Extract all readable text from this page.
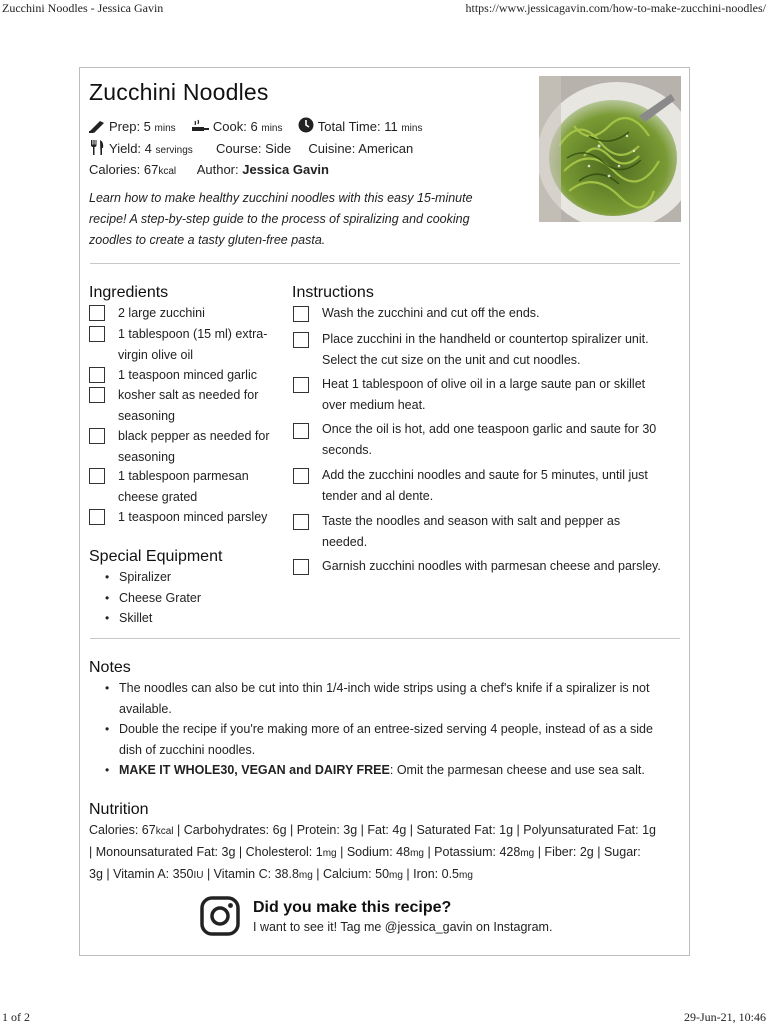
Zucchini Noodles - Jessica Gavin	https://www.jessicagavin.com/how-to-make-zucchini-noodles/
Zucchini Noodles
Prep: 5 mins	Cook: 6 mins	Total Time: 11 mins
Yield: 4 servings Course: Side Cuisine: American
Calories: 67kcal Author: Jessica Gavin
Learn how to make healthy zucchini noodles with this easy 15-minute recipe! A step-by-step guide to the process of spiralizing and cooking zoodles to create a tasty gluten-free pasta.
Ingredients
2 large zucchini
1 tablespoon (15 ml) extra-
virgin olive oil
1 teaspoon minced garlic
kosher salt as needed for
seasoning
black pepper as needed for
seasoning
1 tablespoon parmesan
cheese grated
1 teaspoon minced parsley
Special Equipment
• Spiralizer
• Cheese Grater
• Skillet
Instructions
Wash the zucchini and cut off the ends.
Place zucchini in the handheld or countertop spiralizer unit.
Select the cut size on the unit and cut noodles.
Heat 1 tablespoon of olive oil in a large saute pan or skillet
over medium heat.
Once the oil is hot, add one teaspoon garlic and saute for 30
seconds.
Add the zucchini noodles and saute for 5 minutes, until just
tender and al dente.
Taste the noodles and season with salt and pepper as
needed.
Garnish zucchini noodles with parmesan cheese and parsley.
Notes
• The noodles can also be cut into thin 1/4-inch wide strips using a chef's knife if a spiralizer is not
available.
• Double the recipe if you're making more of an entree-sized serving 4 people, instead of as a side
dish of zucchini noodles.
• MAKE IT WHOLE30, VEGAN and DAIRY FREE: Omit the parmesan cheese and use sea salt.
Nutrition
Calories: 67kcal | Carbohydrates: 6g | Protein: 3g | Fat: 4g | Saturated Fat: 1g | Polyunsaturated Fat: 1g
| Monounsaturated Fat: 3g | Cholesterol: 1mg | Sodium: 48mg | Potassium: 428mg | Fiber: 2g | Sugar:
3g | Vitamin A: 350IU | Vitamin C: 38.8mg | Calcium: 50mg | Iron: 0.5mg
Did you make this recipe?
I want to see it! Tag me @jessica_gavin on Instagram.
1 of 2	29-Jun-21, 10:46
